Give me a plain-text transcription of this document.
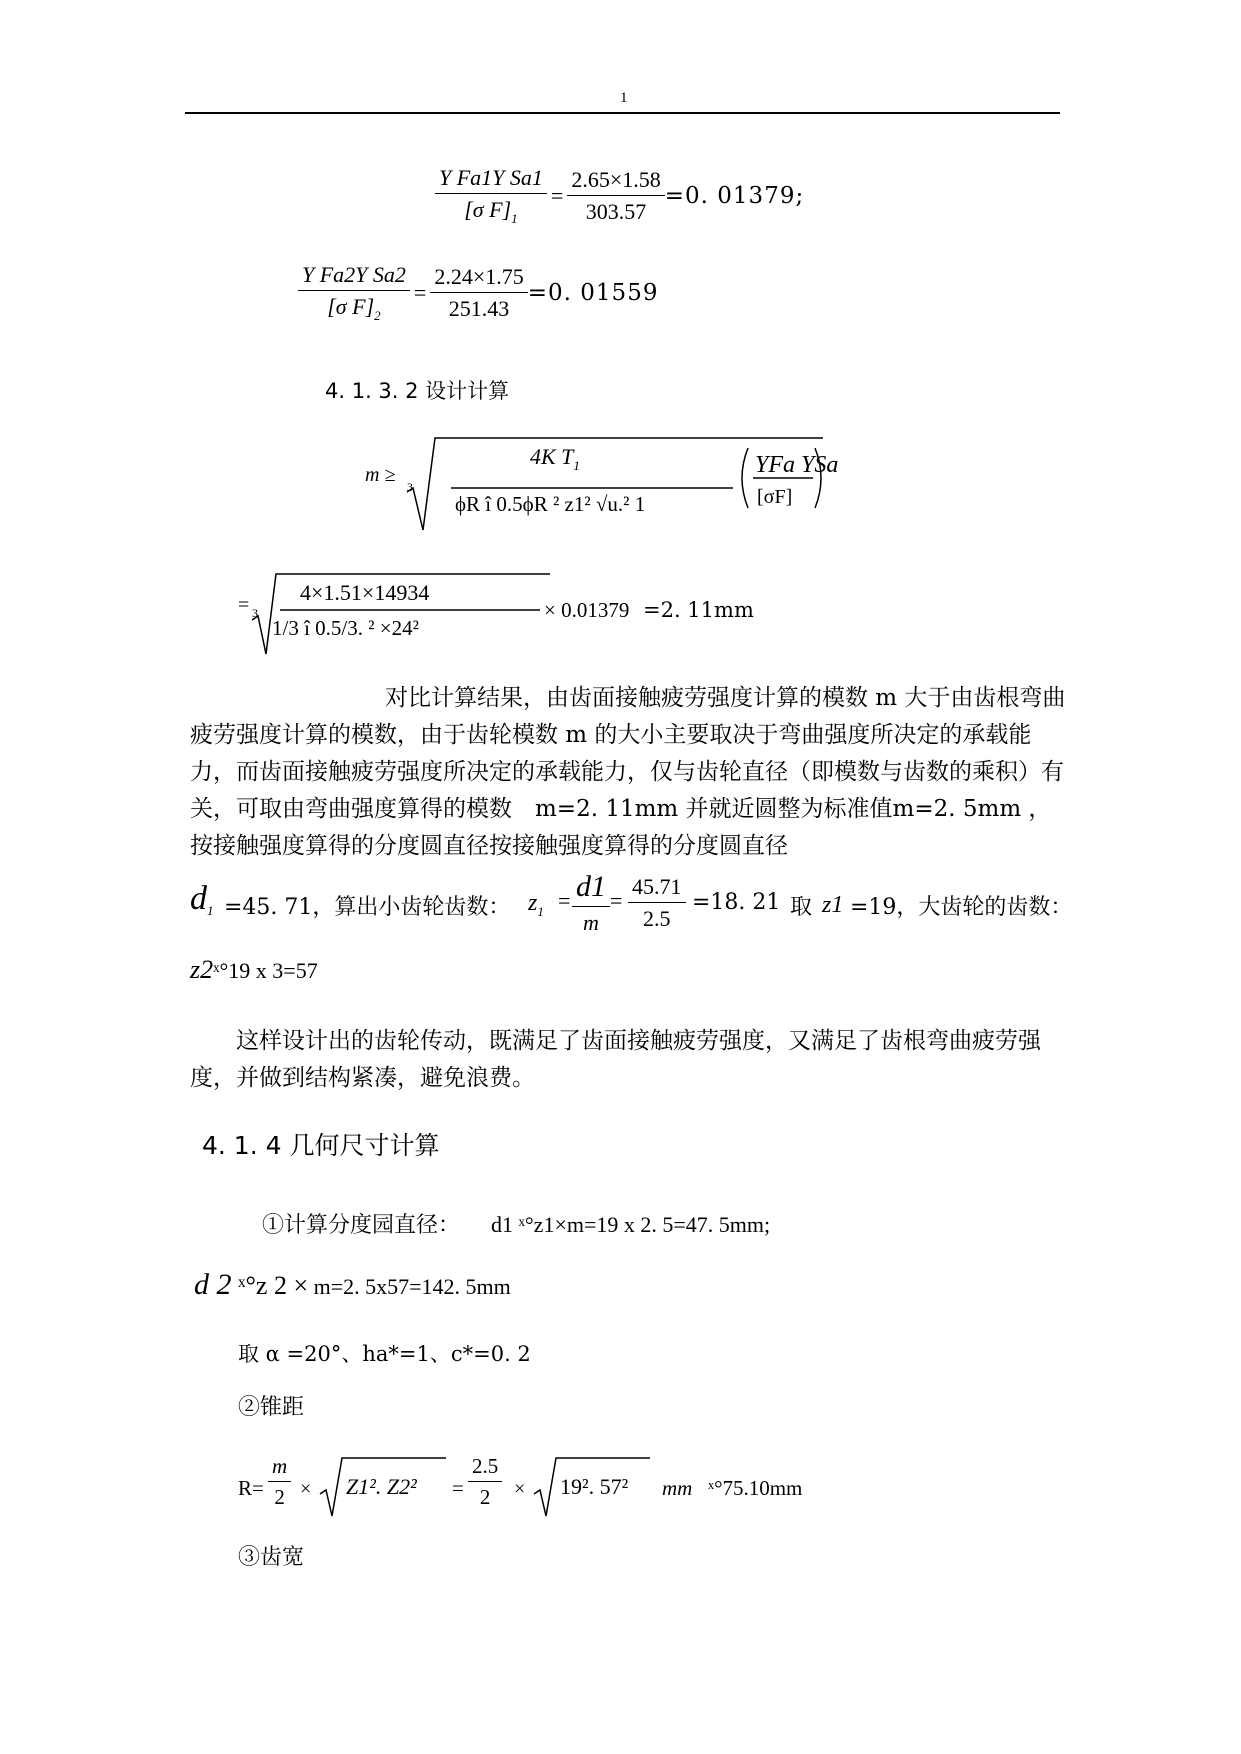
1
$\frac{\text{Y Fa1Y Sa1}}{[\sigma F]_1} = \frac{2.65\times 1.58}{303.57} =0$. 01379;
$\frac{\text{Y Fa2Y Sa2}}{[\sigma F]_2} = \frac{2.24\times 1.75}{251.43} =0$. 01559
4. 1. 3. 2 设计计算
m ≥
3
4K $T_1$
ϕR î 0.5ϕR ² z1² √u.² 1
YFa YSa
[σF]
= 3
4×1.51×14934
1/3 î 0.5/3. ² ×24²
× 0.01379 =2. 11mm
对比计算结果，由齿面接触疲劳强度计算的模数 m 大于由齿根弯曲疲劳强度计算的模数，由于齿轮模数 m 的大小主要取决于弯曲强度所决定的承载能力，而齿面接触疲劳强度所决定的承载能力，仅与齿轮直径（即模数与齿数的乘积）有关，可取由弯曲强度算得的模数　m=2. 11mm 并就近圆整为标准值m=2. 5mm ，按接触强度算得的分度圆直径按接触强度算得的分度圆直径
$d_1 =45$. 71，算出小齿轮齿数： $z_1 = d1$
m
= $\frac{45.71}{2.5} =18$. 21 取 z1 =19，大齿轮的齿数：
z2ˣ°19 x 3=57
这样设计出的齿轮传动，既满足了齿面接触疲劳强度，又满足了齿根弯曲疲劳强度，并做到结构紧凑，避免浪费。
4. 1. 4 几何尺寸计算
①计算分度园直径： d1 ˣ°z1×m=19 x 2. 5=47. 5mm;
d 2 ˣ°z 2 × m=2. 5x57=142. 5mm
取 α =20°、ha*=1、c*=0. 2
②锥距
$R= \frac{m}{2} \times Z1^2$. $Z2^2 = \frac{2.5}{2} \times 19^2$. 57² mm ˣ°75.10mm
③齿宽
